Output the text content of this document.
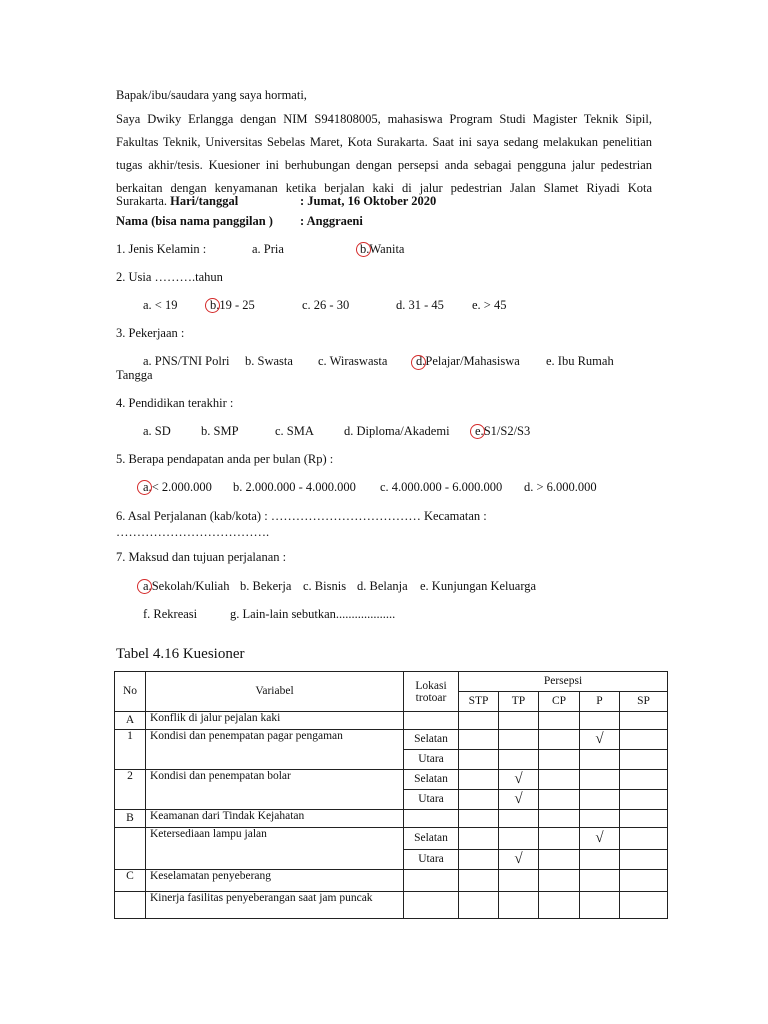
Bapak/ibu/saudara yang saya hormati,
Saya Dwiky Erlangga dengan NIM S941808005, mahasiswa Program Studi Magister Teknik Sipil,
Fakultas Teknik, Universitas Sebelas Maret, Kota Surakarta. Saat ini saya sedang melakukan penelitian
tugas akhir/tesis. Kuesioner ini berhubungan dengan persepsi anda sebagai pengguna jalur pedestrian
berkaitan dengan kenyamanan ketika berjalan kaki di jalur pedestrian Jalan Slamet Riyadi Kota
Surakarta. Hari/tanggal	: Jumat, 16 Oktober 2020
Nama (bisa nama panggilan ) : Anggraeni
1. Jenis Kelamin :	a. Pria	b.Wanita
2. Usia ……….tahun
a. < 19	b.19 - 25	c. 26 - 30	d. 31 - 45 e. > 45
3. Pekerjaan :
a. PNS/TNI Polri b. Swasta c. Wiraswasta d.Pelajar/Mahasiswa e. Ibu Rumah
Tangga
4. Pendidikan terakhir :
a. SD b. SMP	c. SMA d. Diploma/Akademi e.S1/S2/S3
5. Berapa pendapatan anda per bulan (Rp) :
a.< 2.000.000 b. 2.000.000 - 4.000.000 c. 4.000.000 - 6.000.000 d. > 6.000.000
6. Asal Perjalanan (kab/kota) : ……………………………… Kecamatan :
……………………………….
7. Maksud dan tujuan perjalanan :
a.Sekolah/Kuliah b. Bekerja c. Bisnis d. Belanja e. Kunjungan Keluarga
f. Rekreasi	g. Lain-lain sebutkan...................
Tabel 4.16 Kuesioner
No	Variabel	Lokasi trotoar	Persepsi				
			STP	TP	CP	P	SP
A	Konflik di jalur pejalan kaki						
1	Kondisi dan penempatan pagar pengaman	Selatan				√	
		Utara					
2	Kondisi dan penempatan bolar	Selatan		√			
		Utara		√			
B	Keamanan dari Tindak Kejahatan						
	Ketersediaan lampu jalan	Selatan				√	
		Utara		√			
C	Keselamatan penyeberang						
	Kinerja fasilitas penyeberangan saat jam puncak						
